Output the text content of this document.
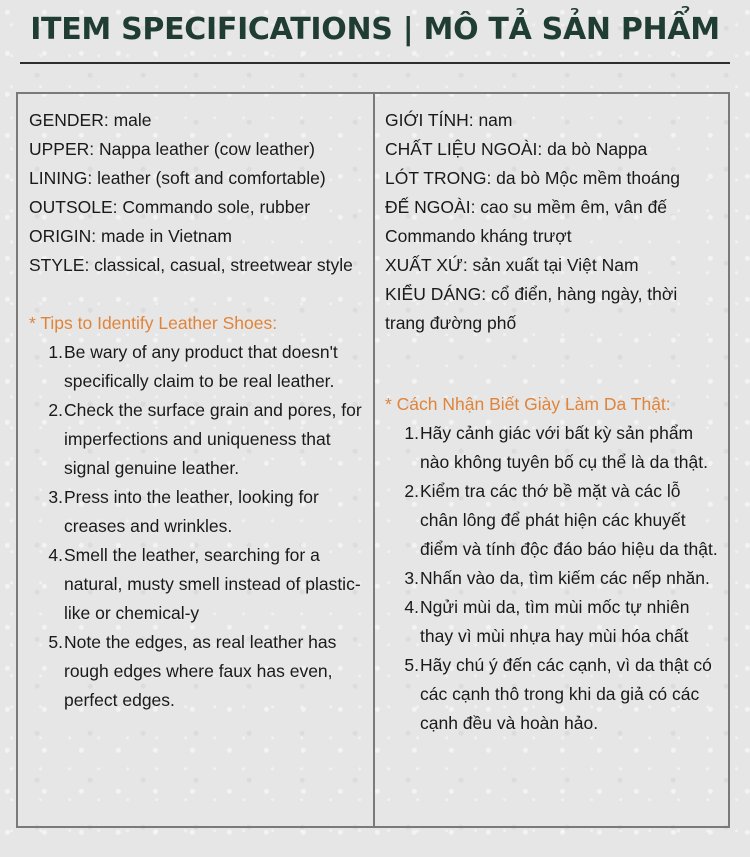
ITEM SPECIFICATIONS | MÔ TẢ SẢN PHẨM
GENDER: male
UPPER: Nappa leather (cow leather)
LINING: leather (soft and comfortable)
OUTSOLE: Commando sole, rubber
ORIGIN: made in Vietnam
STYLE: classical, casual, streetwear style
* Tips to Identify Leather Shoes:
1. Be wary of any product that doesn't
specifically claim to be real leather.
2. Check the surface grain and pores, for
imperfections and uniqueness that
signal genuine leather.
3. Press into the leather, looking for
creases and wrinkles.
4. Smell the leather, searching for a
natural, musty smell instead of plastic-
like or chemical-y
5. Note the edges, as real leather has
rough edges where faux has even,
perfect edges.
GIỚI TÍNH: nam
CHẤT LIỆU NGOÀI: da bò Nappa
LÓT TRONG: da bò Mộc mềm thoáng
ĐẾ NGOÀI: cao su mềm êm, vân đế
Commando kháng trượt
XUẤT XỨ: sản xuất tại Việt Nam
KIỂU DÁNG: cổ điển, hàng ngày, thời
trang đường phố
* Cách Nhận Biết Giày Làm Da Thật:
1. Hãy cảnh giác với bất kỳ sản phẩm
nào không tuyên bố cụ thể là da thật.
2. Kiểm tra các thớ bề mặt và các lỗ
chân lông để phát hiện các khuyết
điểm và tính độc đáo báo hiệu da thật.
3. Nhấn vào da, tìm kiếm các nếp nhăn.
4. Ngửi mùi da, tìm mùi mốc tự nhiên
thay vì mùi nhựa hay mùi hóa chất
5. Hãy chú ý đến các cạnh, vì da thật có
các cạnh thô trong khi da giả có các
cạnh đều và hoàn hảo.
